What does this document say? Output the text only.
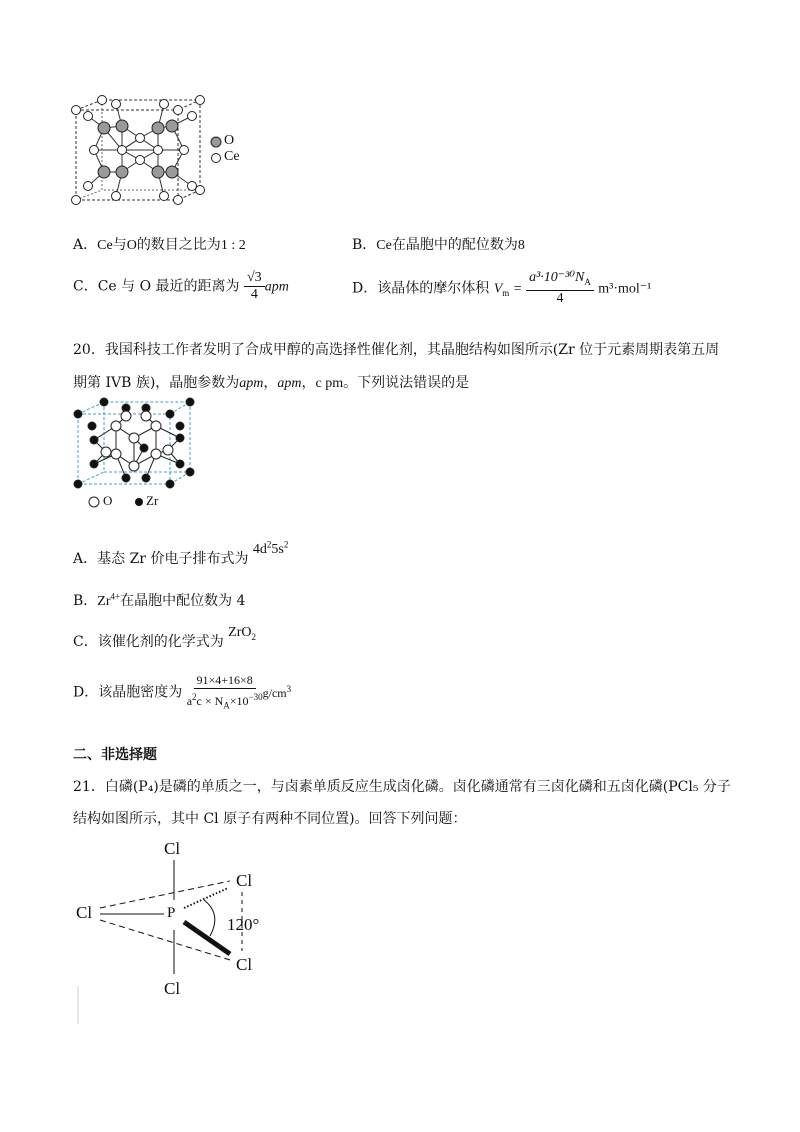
O
Ce
A．Ce与O的数目之比为1 : 2	B．Ce在晶胞中的配位数为8
C．Ce 与 O 最近的距离为 $\frac{√3}{4}$ apm	D．该晶体的摩尔体积 $V_m = \frac{a^3\cdot 10^{-30}N_A}{4} m^3\cdot mol^{-1}$
20．我国科技工作者发明了合成甲醇的高选择性催化剂，其晶胞结构如图所示(Zr 位于元素周期表第五周
期第 IVB 族)，晶胞参数为apm，apm，c pm。下列说法错误的是
O	Zr
A．基态 Zr 价电子排布式为 $4d^25s^2$
B．$Zr^{4+}$在晶胞中配位数为 4
C．该催化剂的化学式为 ZrO$_2$
D．该晶胞密度为 $\frac{91\times 4+16\times 8}{a^2c \times N_A\times 10^{-30}} g/cm^3$
二、非选择题
21．白磷(P₄)是磷的单质之一，与卤素单质反应生成卤化磷。卤化磷通常有三卤化磷和五卤化磷(PCl₅ 分子
结构如图所示，其中 Cl 原子有两种不同位置)。回答下列问题：
Cl
Cl	P
Cl
120°
Cl
Cl
